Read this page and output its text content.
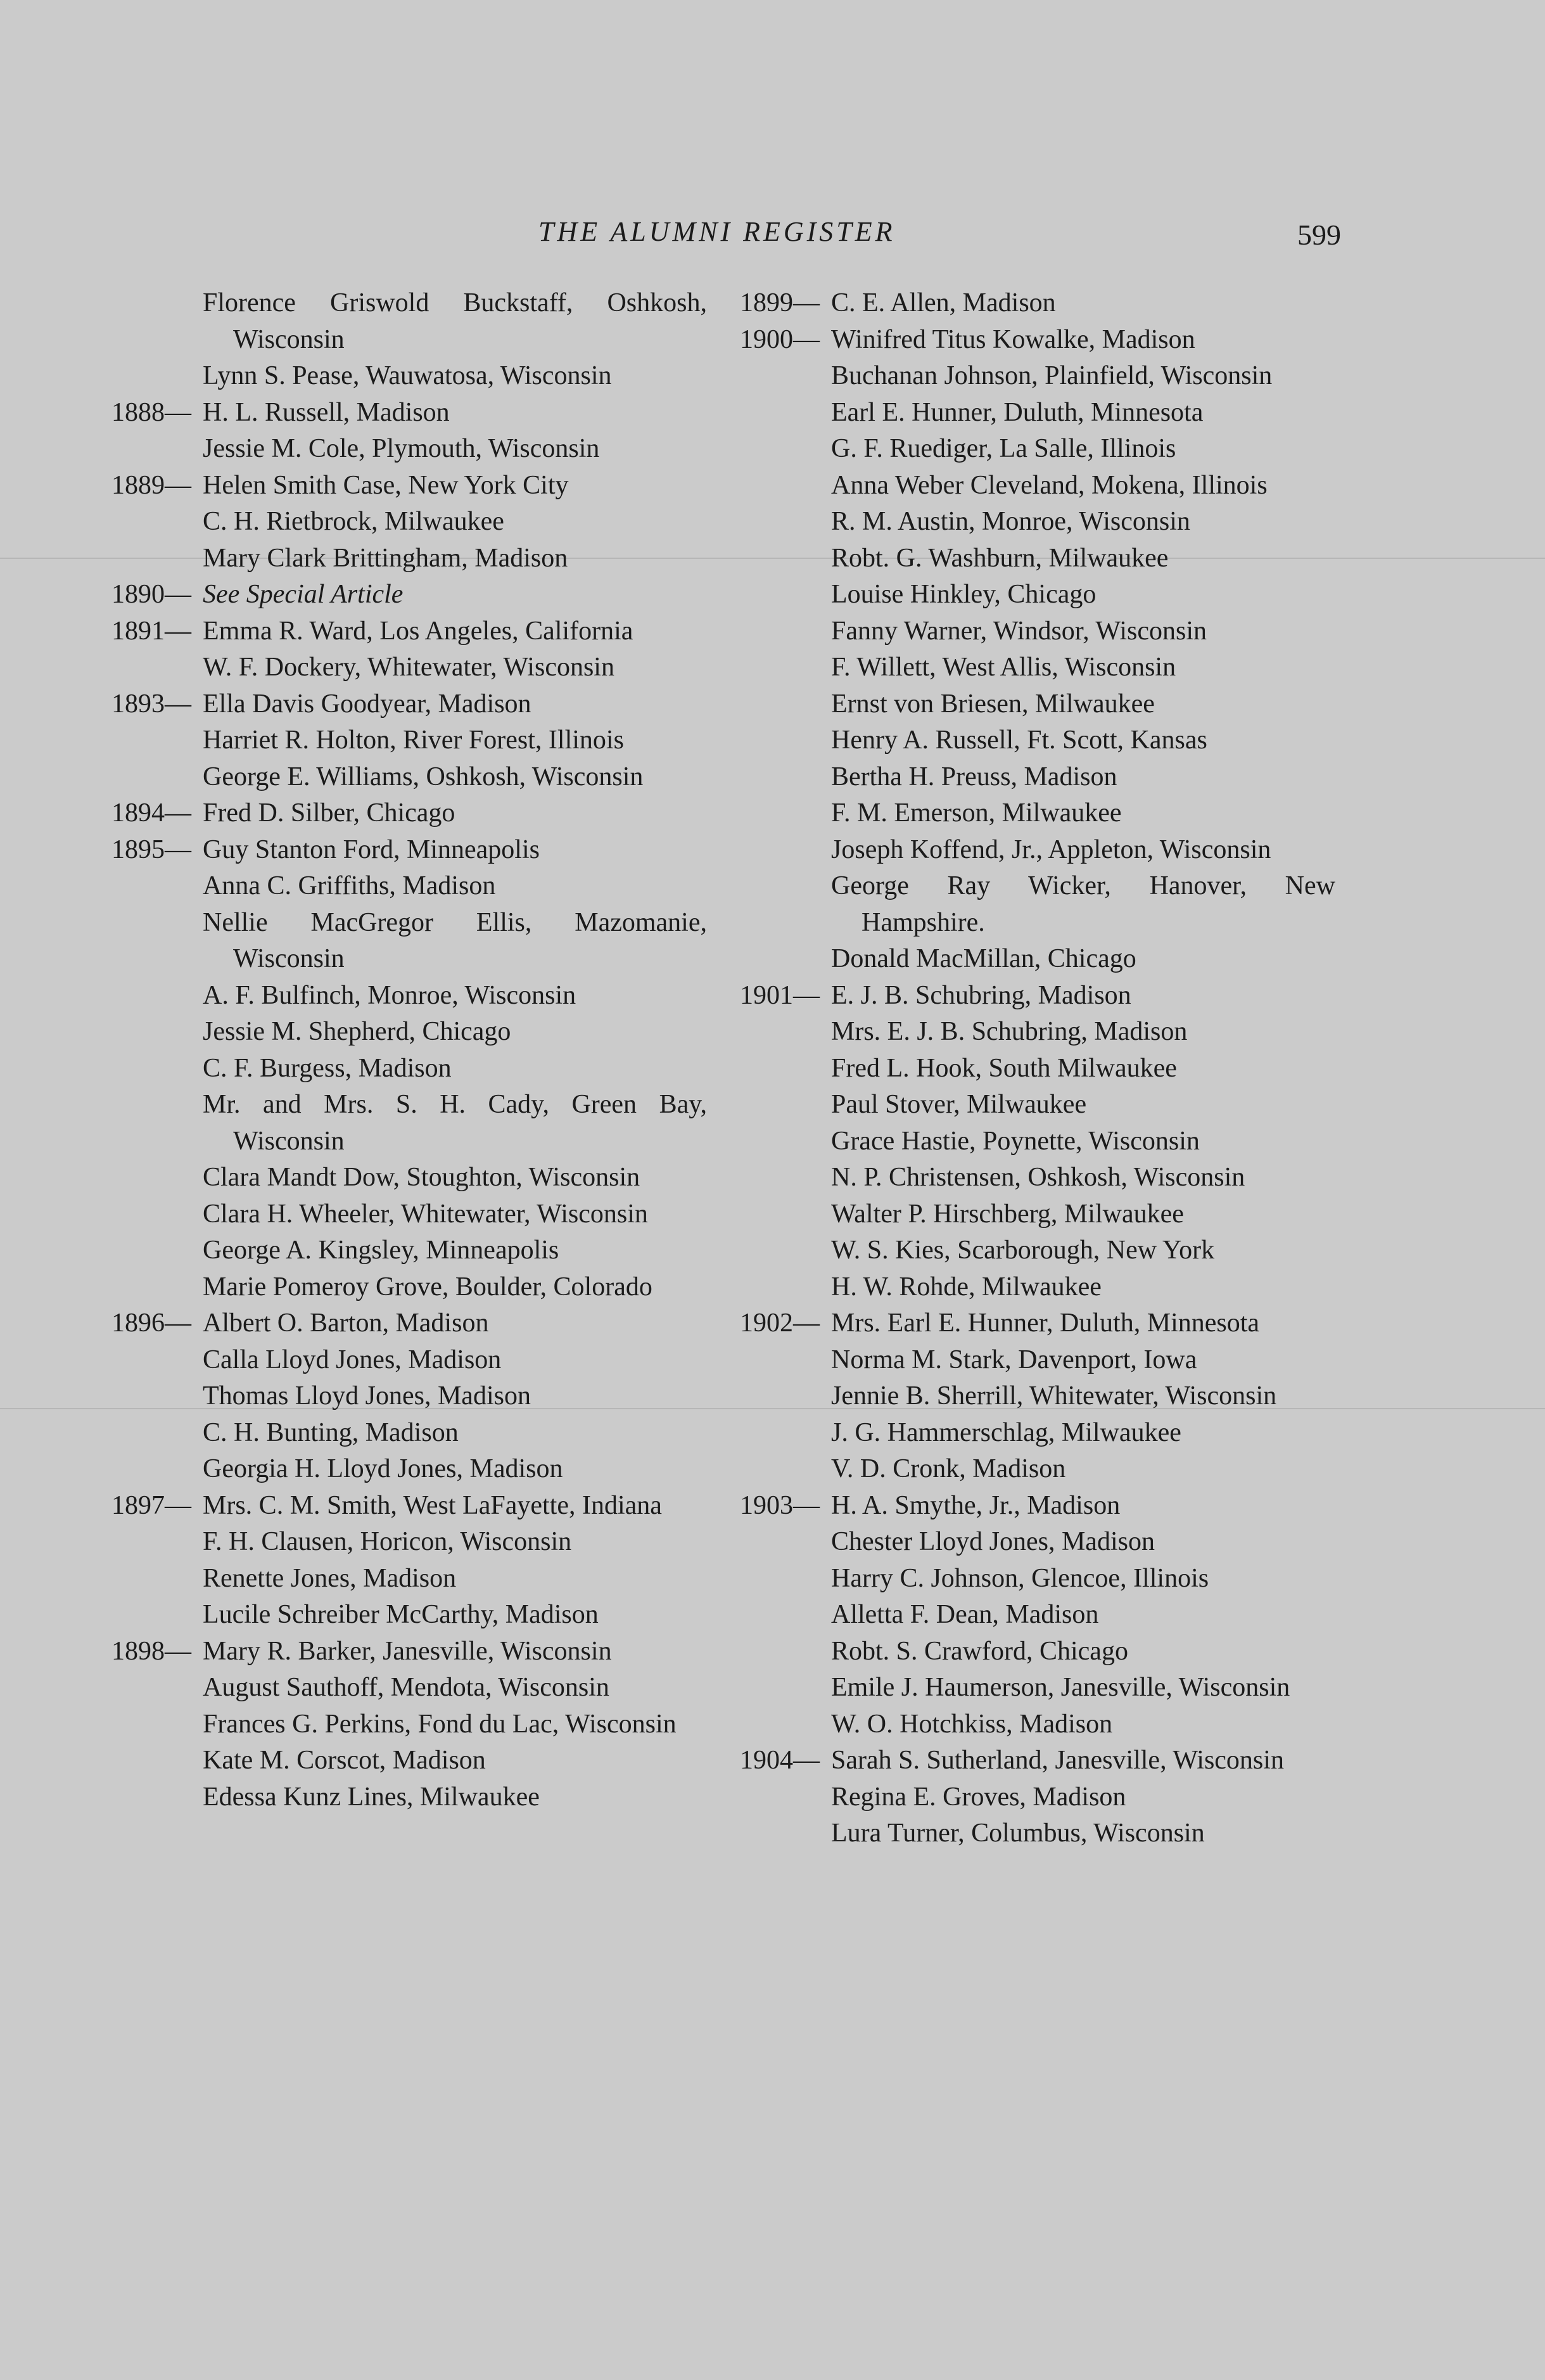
THE ALUMNI REGISTER	599
Florence Griswold Buckstaff, Oshkosh, Wisconsin
Lynn S. Pease, Wauwatosa, Wisconsin
1888— H. L. Russell, Madison
Jessie M. Cole, Plymouth, Wisconsin
1889— Helen Smith Case, New York City
C. H. Rietbrock, Milwaukee
Mary Clark Brittingham, Madison
1890— See Special Article
1891— Emma R. Ward, Los Angeles, California
W. F. Dockery, Whitewater, Wisconsin
1893— Ella Davis Goodyear, Madison
Harriet R. Holton, River Forest, Illinois
George E. Williams, Oshkosh, Wisconsin
1894— Fred D. Silber, Chicago
1895— Guy Stanton Ford, Minneapolis
Anna C. Griffiths, Madison
Nellie MacGregor Ellis, Mazomanie, Wisconsin
A. F. Bulfinch, Monroe, Wisconsin
Jessie M. Shepherd, Chicago
C. F. Burgess, Madison
Mr. and Mrs. S. H. Cady, Green Bay, Wisconsin
Clara Mandt Dow, Stoughton, Wisconsin
Clara H. Wheeler, Whitewater, Wisconsin
George A. Kingsley, Minneapolis
Marie Pomeroy Grove, Boulder, Colorado
1896— Albert O. Barton, Madison
Calla Lloyd Jones, Madison
Thomas Lloyd Jones, Madison
C. H. Bunting, Madison
Georgia H. Lloyd Jones, Madison
1897— Mrs. C. M. Smith, West LaFayette, Indiana
F. H. Clausen, Horicon, Wisconsin
Renette Jones, Madison
Lucile Schreiber McCarthy, Madison
1898— Mary R. Barker, Janesville, Wisconsin
August Sauthoff, Mendota, Wisconsin
Frances G. Perkins, Fond du Lac, Wisconsin
Kate M. Corscot, Madison
Edessa Kunz Lines, Milwaukee
1899— C. E. Allen, Madison
1900— Winifred Titus Kowalke, Madison
Buchanan Johnson, Plainfield, Wisconsin
Earl E. Hunner, Duluth, Minnesota
G. F. Ruediger, La Salle, Illinois
Anna Weber Cleveland, Mokena, Illinois
R. M. Austin, Monroe, Wisconsin
Robt. G. Washburn, Milwaukee
Louise Hinkley, Chicago
Fanny Warner, Windsor, Wisconsin
F. Willett, West Allis, Wisconsin
Ernst von Briesen, Milwaukee
Henry A. Russell, Ft. Scott, Kansas
Bertha H. Preuss, Madison
F. M. Emerson, Milwaukee
Joseph Koffend, Jr., Appleton, Wisconsin
George Ray Wicker, Hanover, New Hampshire.
Donald MacMillan, Chicago
1901— E. J. B. Schubring, Madison
Mrs. E. J. B. Schubring, Madison
Fred L. Hook, South Milwaukee
Paul Stover, Milwaukee
Grace Hastie, Poynette, Wisconsin
N. P. Christensen, Oshkosh, Wisconsin
Walter P. Hirschberg, Milwaukee
W. S. Kies, Scarborough, New York
H. W. Rohde, Milwaukee
1902— Mrs. Earl E. Hunner, Duluth, Minnesota
Norma M. Stark, Davenport, Iowa
Jennie B. Sherrill, Whitewater, Wisconsin
J. G. Hammerschlag, Milwaukee
V. D. Cronk, Madison
1903— H. A. Smythe, Jr., Madison
Chester Lloyd Jones, Madison
Harry C. Johnson, Glencoe, Illinois
Alletta F. Dean, Madison
Robt. S. Crawford, Chicago
Emile J. Haumerson, Janesville, Wisconsin
W. O. Hotchkiss, Madison
1904— Sarah S. Sutherland, Janesville, Wisconsin
Regina E. Groves, Madison
Lura Turner, Columbus, Wisconsin
